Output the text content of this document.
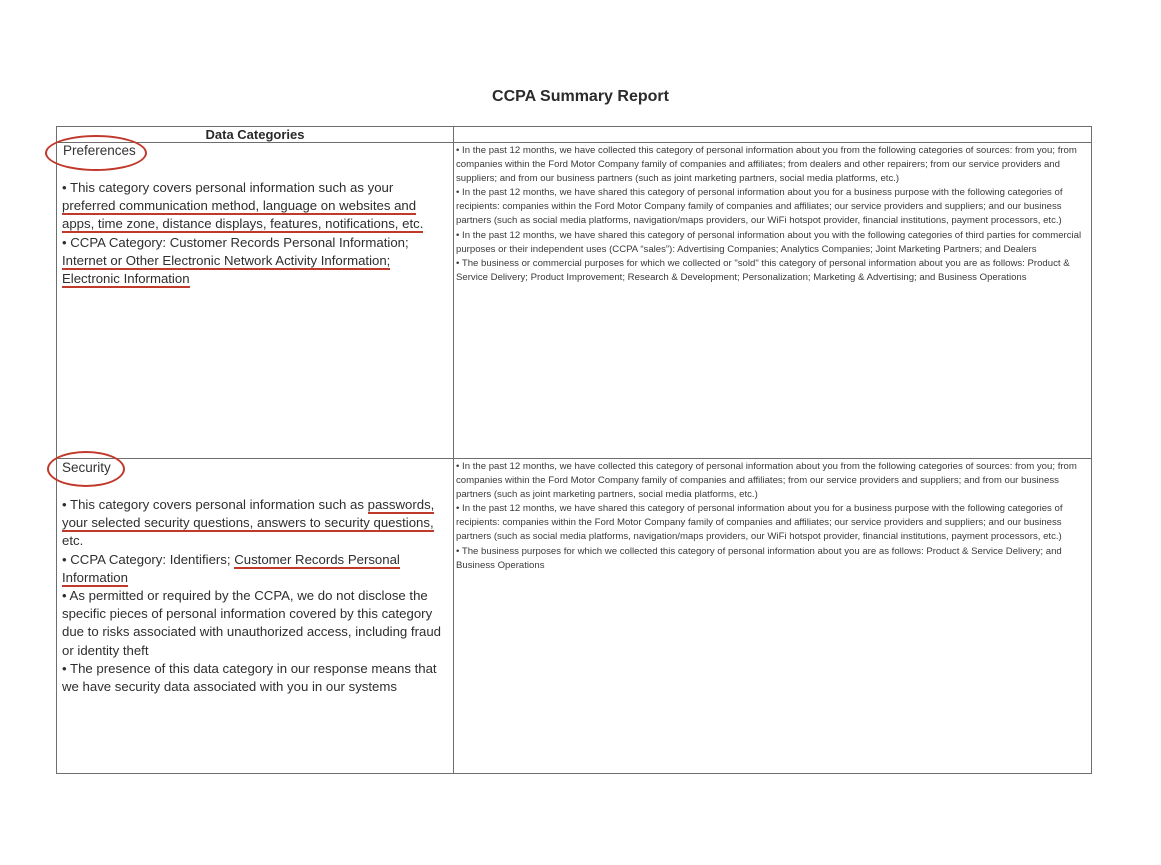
CCPA Summary Report
Data Categories
Preferences

• This category covers personal information such as your
preferred communication method, language on websites and
apps, time zone, distance displays, features, notifications, etc.

• CCPA Category: Customer Records Personal Information;
Internet or Other Electronic Network Activity Information;
Electronic Information

• In the past 12 months, we have collected this category of personal information about you from the following categories of sources: from you; from companies within the Ford Motor Company family of companies and affiliates; from dealers and other repairers; from our service providers and suppliers; and from our business partners (such as joint marketing partners, social media platforms, etc.)

• In the past 12 months, we have shared this category of personal information about you for a business purpose with the following categories of recipients: companies within the Ford Motor Company family of companies and affiliates; our service providers and suppliers; and our business partners (such as social media platforms, navigation/maps providers, our WiFi hotspot provider, financial institutions, payment processors, etc.)

• In the past 12 months, we have shared this category of personal information about you with the following categories of third parties for commercial purposes or their independent uses (CCPA “sales”): Advertising Companies; Analytics Companies; Joint Marketing Partners; and Dealers

• The business or commercial purposes for which we collected or "sold" this category of personal information about you are as follows: Product & Service Delivery; Product Improvement; Research & Development; Personalization; Marketing & Advertising; and Business Operations

Security

• This category covers personal information such as passwords,
your selected security questions, answers to security questions,
etc.

• CCPA Category: Identifiers; Customer Records Personal
Information

• As permitted or required by the CCPA, we do not disclose the specific pieces of personal information covered by this category due to risks associated with unauthorized access, including fraud or identity theft

• The presence of this data category in our response means that we have security data associated with you in our systems

• In the past 12 months, we have collected this category of personal information about you from the following categories of sources: from you; from companies within the Ford Motor Company family of companies and affiliates; from our service providers and suppliers; and from our business partners (such as joint marketing partners, social media platforms, etc.)

• In the past 12 months, we have shared this category of personal information about you for a business purpose with the following categories of recipients: companies within the Ford Motor Company family of companies and affiliates; our service providers and suppliers; and our business partners (such as social media platforms, navigation/maps providers, our WiFi hotspot provider, financial institutions, payment processors, etc.)

• The business purposes for which we collected this category of personal information about you are as follows: Product & Service Delivery; and Business Operations
